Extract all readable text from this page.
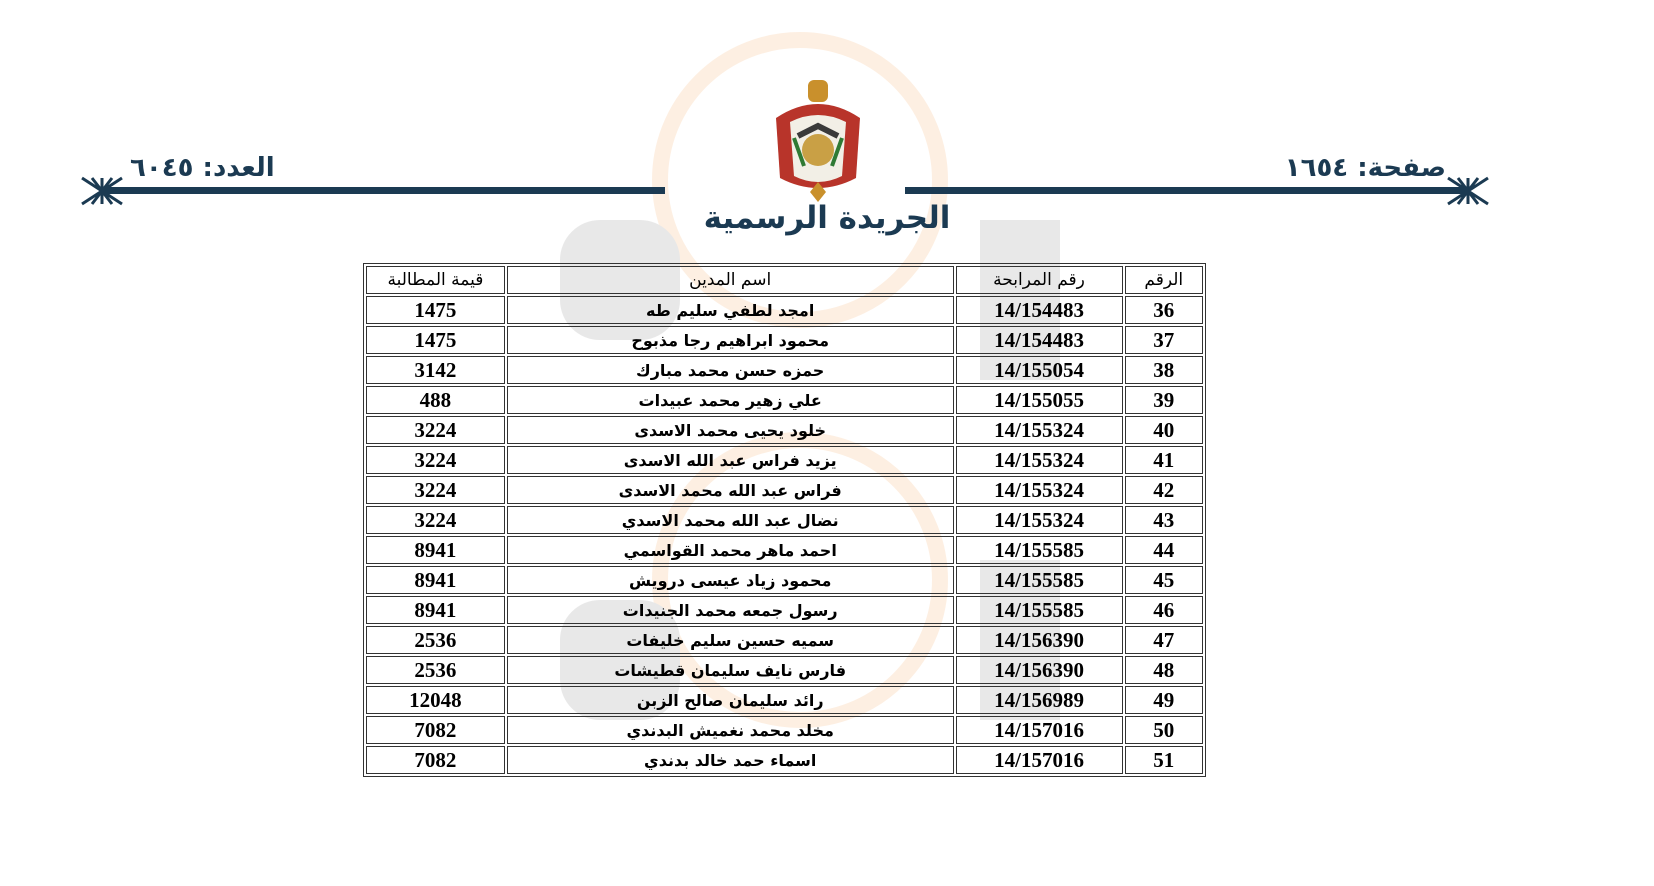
صفحة: ١٦٥٤
العدد: ٦٠٤٥
الجريدة الرسمية
الرقم	رقم المرابحة	اسم المدين	قيمة المطالبة
36	14/154483	امجد لطفي سليم طه	1475
37	14/154483	محمود ابراهيم رجا مذبوح	1475
38	14/155054	حمزه حسن محمد مبارك	3142
39	14/155055	علي زهير محمد عبيدات	488
40	14/155324	خلود يحيى محمد الاسدى	3224
41	14/155324	يزيد فراس عبد الله الاسدى	3224
42	14/155324	فراس عبد الله محمد الاسدى	3224
43	14/155324	نضال عبد الله محمد الاسدي	3224
44	14/155585	احمد ماهر محمد القواسمي	8941
45	14/155585	محمود زياد عيسى درويش	8941
46	14/155585	رسول جمعه محمد الجنيدات	8941
47	14/156390	سميه حسين سليم خليفات	2536
48	14/156390	فارس نايف سليمان قطيشات	2536
49	14/156989	رائد سليمان صالح الزبن	12048
50	14/157016	مخلد محمد نغميش البدندي	7082
51	14/157016	اسماء حمد خالد بدندي	7082
